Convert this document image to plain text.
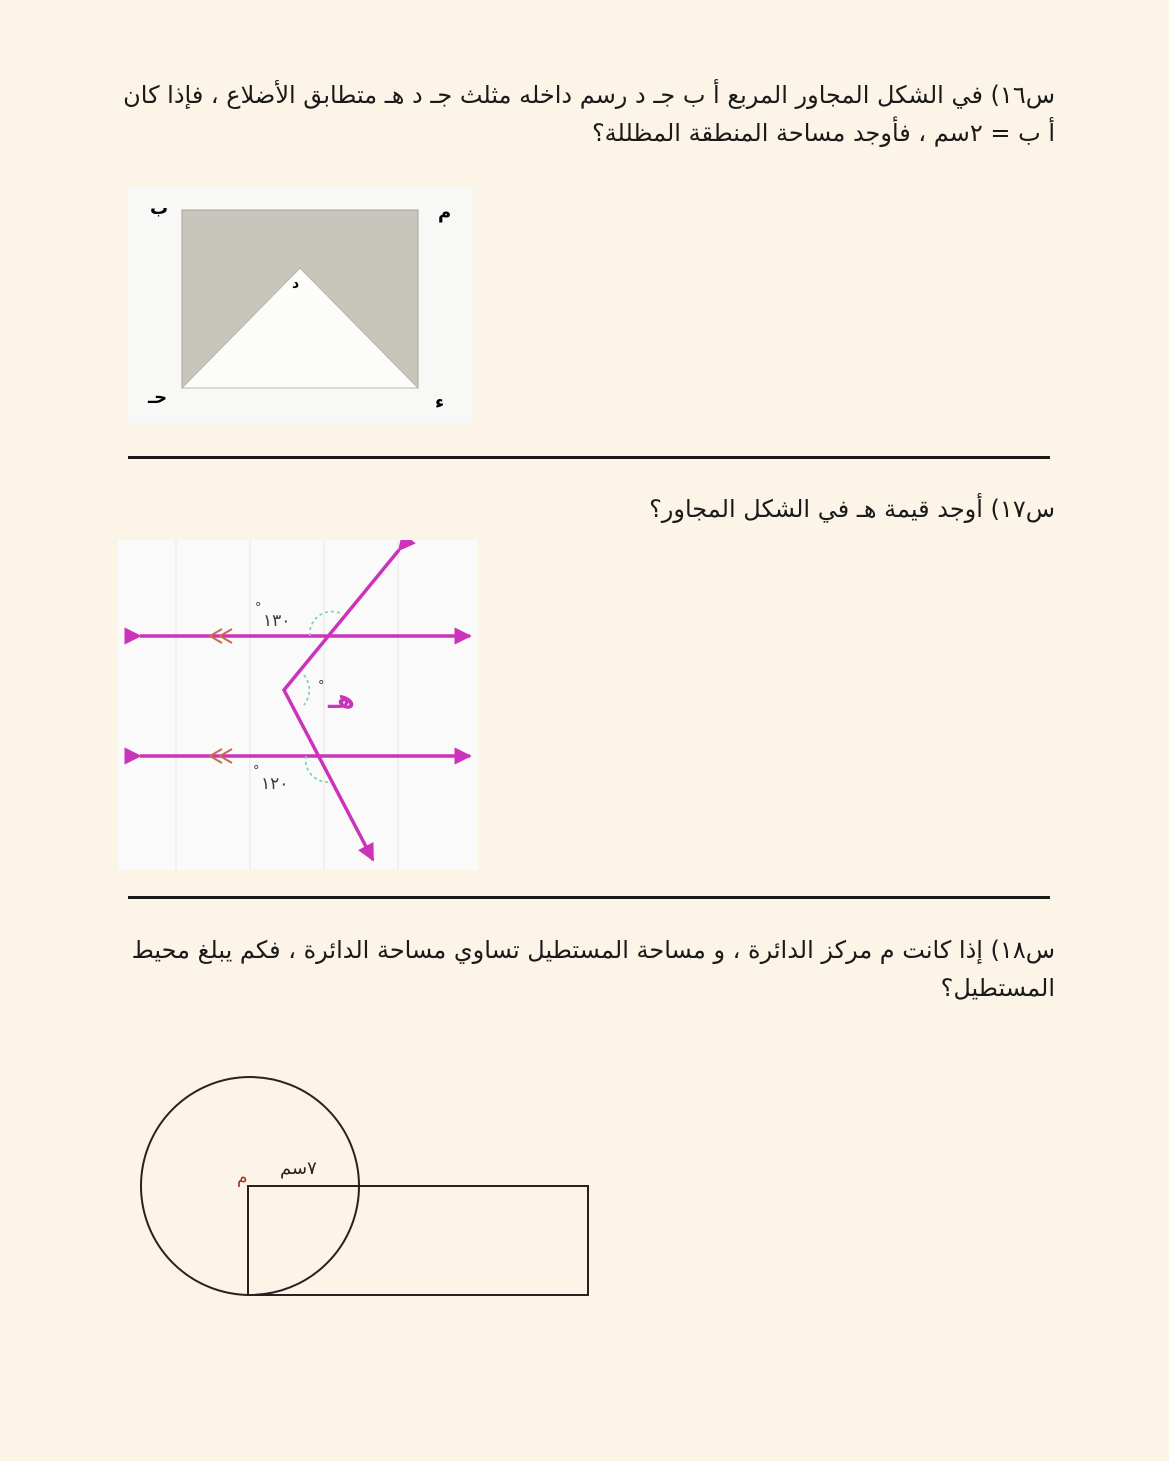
س١٦) في الشكل المجاور المربع أ ب جـ د رسم داخله مثلث جـ د هـ متطابق الأضلاع ، فإذا كان أ ب = ٢سم ، فأوجد مساحة المنطقة المظللة؟
م
ب
حـ	ء
د
س١٧) أوجد قيمة هـ في الشكل المجاور؟
١٣٠
°
١٢٠
°
هـ
°
س١٨) إذا كانت م مركز الدائرة ، و مساحة المستطيل تساوي مساحة الدائرة ، فكم يبلغ محيط المستطيل؟
م ٧سم
